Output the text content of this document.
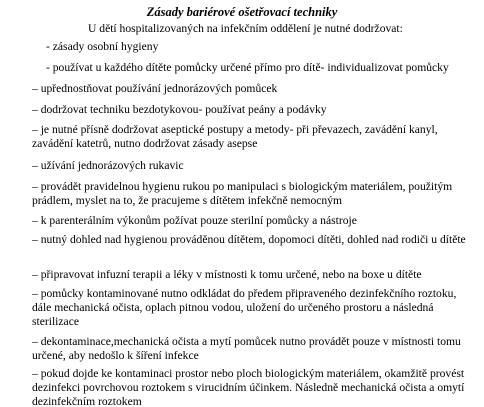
Zásady bariérové ošetřovací techniky
U dětí hospitalizovaných na infekčním oddělení je nutné dodržovat:
- zásady osobní hygieny
- používat u každého dítěte pomůcky určené přímo pro dítě- individualizovat pomůcky
– upřednostňovat používání jednorázových pomůcek
– dodržovat techniku bezdotykovou- používat peány a podávky
– je nutné přísně dodržovat aseptické postupy a metody- při převazech, zavádění kanyl, zavádění katetrů, nutno dodržovat zásady asepse
– užívání jednorázových rukavic
– provádět pravidelnou hygienu rukou po manipulaci s biologickým materiálem, použitým prádlem, myslet na to, že pracujeme s dítětem infekčně nemocným
– k parenterálním výkonům požívat pouze sterilní pomůcky a nástroje
– nutný dohled nad hygienou prováděnou dítětem, dopomoci dítěti, dohled nad rodiči u dítěte
– připravovat infuzní terapii a léky v místnosti k tomu určené, nebo na boxe u dítěte
– pomůcky kontaminované nutno odkládat do předem připraveného dezinfekčního roztoku, dále mechanická očista, oplach pitnou vodou, uložení do určeného prostoru a následná sterilizace
– dekontaminace,mechanická očista a mytí pomůcek nutno provádět pouze v místnosti tomu určené, aby nedošlo k šíření infekce
– pokud dojde ke kontaminaci prostor nebo ploch biologickým materiálem, okamžitě provést dezinfekci povrchovou roztokem s virucidním účinkem. Následně mechanická očista a omytí dezinfekčním roztokem
